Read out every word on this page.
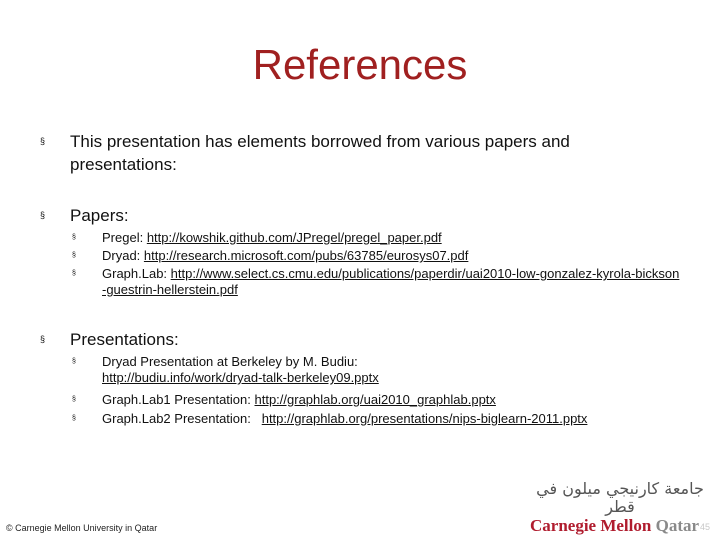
References
§	This presentation has elements borrowed from various papers and presentations:
§	Papers:
§	Pregel: http://kowshik.github.com/JPregel/pregel_paper.pdf
§	Dryad: http://research.microsoft.com/pubs/63785/eurosys07.pdf
§	Graph.Lab: http://www.select.cs.cmu.edu/publications/paperdir/uai2010-low-gonzalez-kyrola-bickson-guestrin-hellerstein.pdf
§	Presentations:
§	Dryad Presentation at Berkeley by M. Budiu:
http://budiu.info/work/dryad-talk-berkeley09.pptx
§	Graph.Lab1 Presentation: http://graphlab.org/uai2010_graphlab.pptx
§	Graph.Lab2 Presentation:   http://graphlab.org/presentations/nips-biglearn-2011.pptx
جامعة كارنيجي ميلون في قطر
Carnegie Mellon Qatar
© Carnegie Mellon University in Qatar	45
